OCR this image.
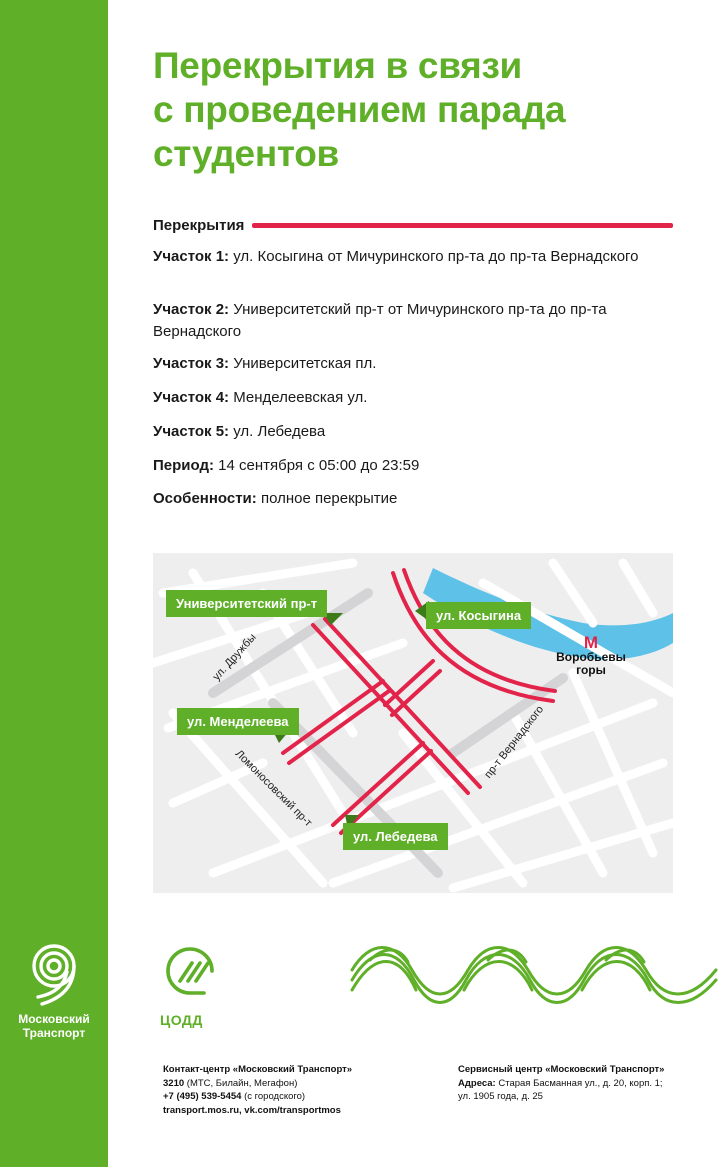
Московский
Транспорт
Перекрытия в связи
с проведением парада
студентов
Перекрытия
Участок 1: ул. Косыгина от Мичуринского пр-та до пр-та Вернадского
Участок 2: Университетский пр-т от Мичуринского пр-та до пр-та Вернадского
Участок 3: Университетская пл.
Участок 4: Менделеевская ул.
Участок 5: ул. Лебедева
Период: 14 сентября с 05:00 до 23:59
Особенности: полное перекрытие
Университетский пр-т
ул. Косыгина
ул. Менделеева
ул. Лебедева
ул. Дружбы
Ломоносовский пр-т
пр-т Вернадского
M
Воробьевы
горы
ЦОДД
Контакт-центр «Московский Транспорт»
3210 (МТС, Билайн, Мегафон)
+7 (495) 539-5454 (с городского)
transport.mos.ru, vk.com/transportmos
Сервисный центр «Московский Транспорт»
Адреса: Старая Басманная ул., д. 20, корп. 1;
ул. 1905 года, д. 25
